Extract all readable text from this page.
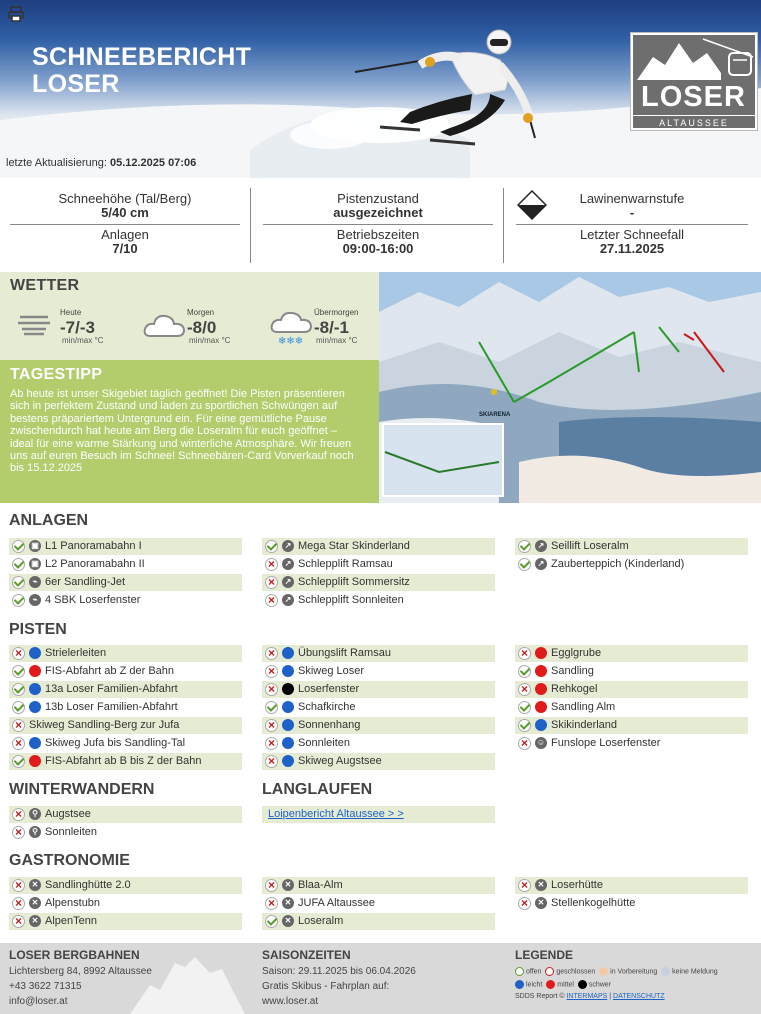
SCHNEEBERICHT
LOSER
letzte Aktualisierung: 05.12.2025 07:06
LOSER
ALTAUSSEE
Schneehöhe (Tal/Berg)
5/40 cm
Pistenzustand
ausgezeichnet
Lawinenwarnstufe
-
Anlagen
7/10
Betriebszeiten
09:00-16:00
Letzter Schneefall
27.11.2025
WETTER
Heute
-7/-3
min/max °C
Morgen
-8/0
min/max °C	❄❄❄
Übermorgen
-8/-1
min/max °C
TAGESTIPP

Ab heute ist unser Skigebiet täglich geöffnet! Die Pisten präsentieren sich in perfektem Zustand und laden zu sportlichen Schwüngen auf bestens präpariertem Untergrund ein. Für eine gemütliche Pause zwischendurch hat heute am Berg die Loseralm für euch geöffnet – ideal für eine warme Stärkung und winterliche Atmosphäre. Wir freuen uns auf euren Besuch im Schnee! Schneebären-Card Vorverkauf noch bis 15.12.2025

SKIARENA
ANLAGEN
PISTEN
WINTERWANDERN	LANGLAUFEN
Loipenbericht Altaussee > >
GASTRONOMIE
LOSER BERGBAHNEN
Lichtersberg 84, 8992 Altaussee
+43 3622 71315
info@loser.at
SAISONZEITEN
Saison: 29.11.2025 bis 06.04.2026
Gratis Skibus - Fahrplan auf:
www.loser.at
LEGENDE
offen geschlossen in Vorbereitung keine Meldung
leicht mittel schwer
SDDS Report © INTERMAPS | DATENSCHUTZ
▣ L1 Panoramabahn I
▣ L2 Panoramabahn II
⌁ 6er Sandling-Jet
⌁ 4 SBK Loserfenster
↗ Mega Star Skinderland
×
↗ Schlepplift Ramsau
×
↗ Schlepplift Sommersitz
×
↗ Schlepplift Sonnleiten
↗ Seillift Loseralm
↗ Zauberteppich (Kinderland)
×
Strielerleiten
FIS-Abfahrt ab Z der Bahn
13a Loser Familien-Abfahrt
13b Loser Familien-Abfahrt
×
Skiweg Sandling-Berg zur Jufa
×
Skiweg Jufa bis Sandling-Tal
FIS-Abfahrt ab B bis Z der Bahn
×
Übungslift Ramsau
×
Skiweg Loser
×
Loserfenster
Schafkirche
×
Sonnenhang
×
Sonnleiten
×
Skiweg Augstsee
×
Egglgrube
Sandling
×
Rehkogel
Sandling Alm
Skikinderland
×
☺ Funslope Loserfenster
×
⚲ Augstsee
×
⚲ Sonnleiten
×
✕ Sandlinghütte 2.0
×
✕ Alpenstubn
×
✕ AlpenTenn
×
✕ Blaa-Alm
×
✕ JUFA Altaussee
✕ Loseralm
×
✕ Loserhütte
×
✕ Stellenkogelhütte
